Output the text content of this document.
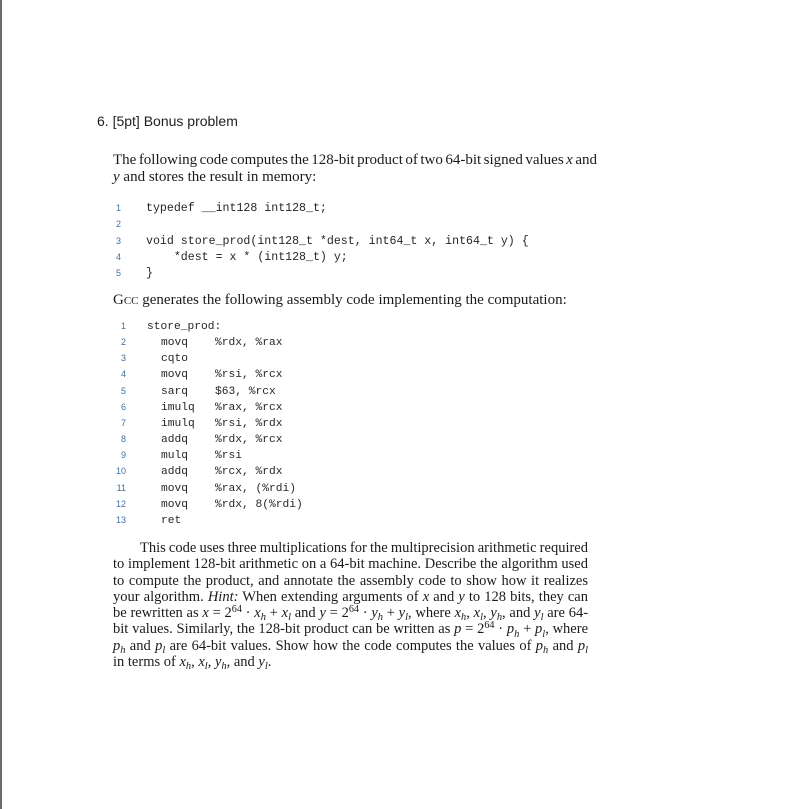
6. [5pt] Bonus problem
The following code computes the 128-bit product of two 64-bit signed values x and
y and stores the result in memory:
1 typedef __int128 int128_t;
2
3 void store_prod(int128_t *dest, int64_t x, int64_t y) {
4    *dest = x * (int128_t) y;
5 }
Gcc generates the following assembly code implementing the computation:
1 store_prod:
2	movq %rdx, %rax
3	cqto
4	movq %rsi, %rcx
5	sarq $63, %rcx
6	imulq %rax, %rcx
7	imulq %rsi, %rdx
8	addq %rdx, %rcx
9	mulq %rsi
10	addq %rcx, %rdx
11	movq %rax, (%rdi)
12	movq %rdx, 8(%rdi)
13	ret
This code uses three multiplications for the multiprecision arithmetic required
to implement 128-bit arithmetic on a 64-bit machine. Describe the algorithm used
to compute the product, and annotate the assembly code to show how it realizes
your algorithm. Hint: When extending arguments of x and y to 128 bits, they can
be rewritten as $x = 2^{64} \cdot x_h + x_l$ and $y = 2^{64} \cdot y_h + y_l$, where $x_h$, $x_l$, $y_h$, and $y_l$ are 64-
bit values. Similarly, the 128-bit product can be written as $p = 2^{64} \cdot p_h + p_l$, where
$p_h$ and $p_l$ are 64-bit values. Show how the code computes the values of $p_h$ and $p_l$
in terms of $x_h$, $x_l$, $y_h$, and $y_l$.
